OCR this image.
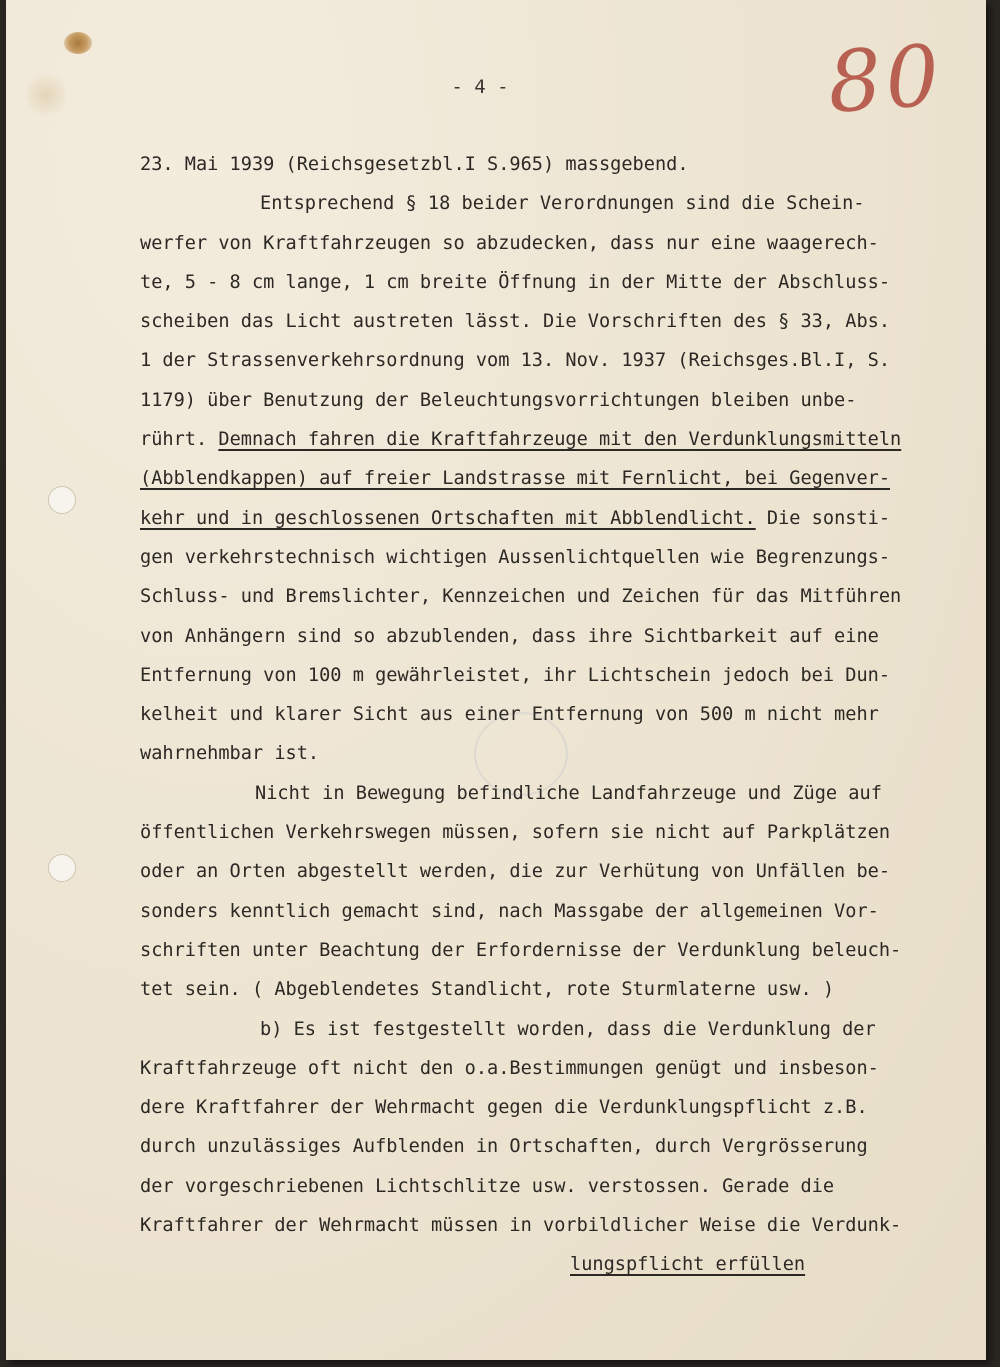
- 4 -	80
23. Mai 1939 (Reichsgesetzbl.I S.965) massgebend.
Entsprechend § 18 beider Verordnungen sind die Schein-
werfer von Kraftfahrzeugen so abzudecken, dass nur eine waagerech-
te, 5 - 8 cm lange, 1 cm breite Öffnung in der Mitte der Abschluss-
scheiben das Licht austreten lässt. Die Vorschriften des § 33, Abs.
1 der Strassenverkehrsordnung vom 13. Nov. 1937 (Reichsges.Bl.I, S.
1179) über Benutzung der Beleuchtungsvorrichtungen bleiben unbe-
rührt. Demnach fahren die Kraftfahrzeuge mit den Verdunklungsmitteln
(Abblendkappen) auf freier Landstrasse mit Fernlicht, bei Gegenver-
kehr und in geschlossenen Ortschaften mit Abblendlicht. Die sonsti-
gen verkehrstechnisch wichtigen Aussenlichtquellen wie Begrenzungs-
Schluss- und Bremslichter, Kennzeichen und Zeichen für das Mitführen
von Anhängern sind so abzublenden, dass ihre Sichtbarkeit auf eine
Entfernung von 100 m gewährleistet, ihr Lichtschein jedoch bei Dun-
kelheit und klarer Sicht aus einer Entfernung von 500 m nicht mehr
wahrnehmbar ist.
Nicht in Bewegung befindliche Landfahrzeuge und Züge auf
öffentlichen Verkehrswegen müssen, sofern sie nicht auf Parkplätzen
oder an Orten abgestellt werden, die zur Verhütung von Unfällen be-
sonders kenntlich gemacht sind, nach Massgabe der allgemeinen Vor-
schriften unter Beachtung der Erfordernisse der Verdunklung beleuch-
tet sein. ( Abgeblendetes Standlicht, rote Sturmlaterne usw. )
b) Es ist festgestellt worden, dass die Verdunklung der
Kraftfahrzeuge oft nicht den o.a.Bestimmungen genügt und insbeson-
dere Kraftfahrer der Wehrmacht gegen die Verdunklungspflicht z.B.
durch unzulässiges Aufblenden in Ortschaften, durch Vergrösserung
der vorgeschriebenen Lichtschlitze usw. verstossen. Gerade die
Kraftfahrer der Wehrmacht müssen in vorbildlicher Weise die Verdunk-
lungspflicht erfüllen
